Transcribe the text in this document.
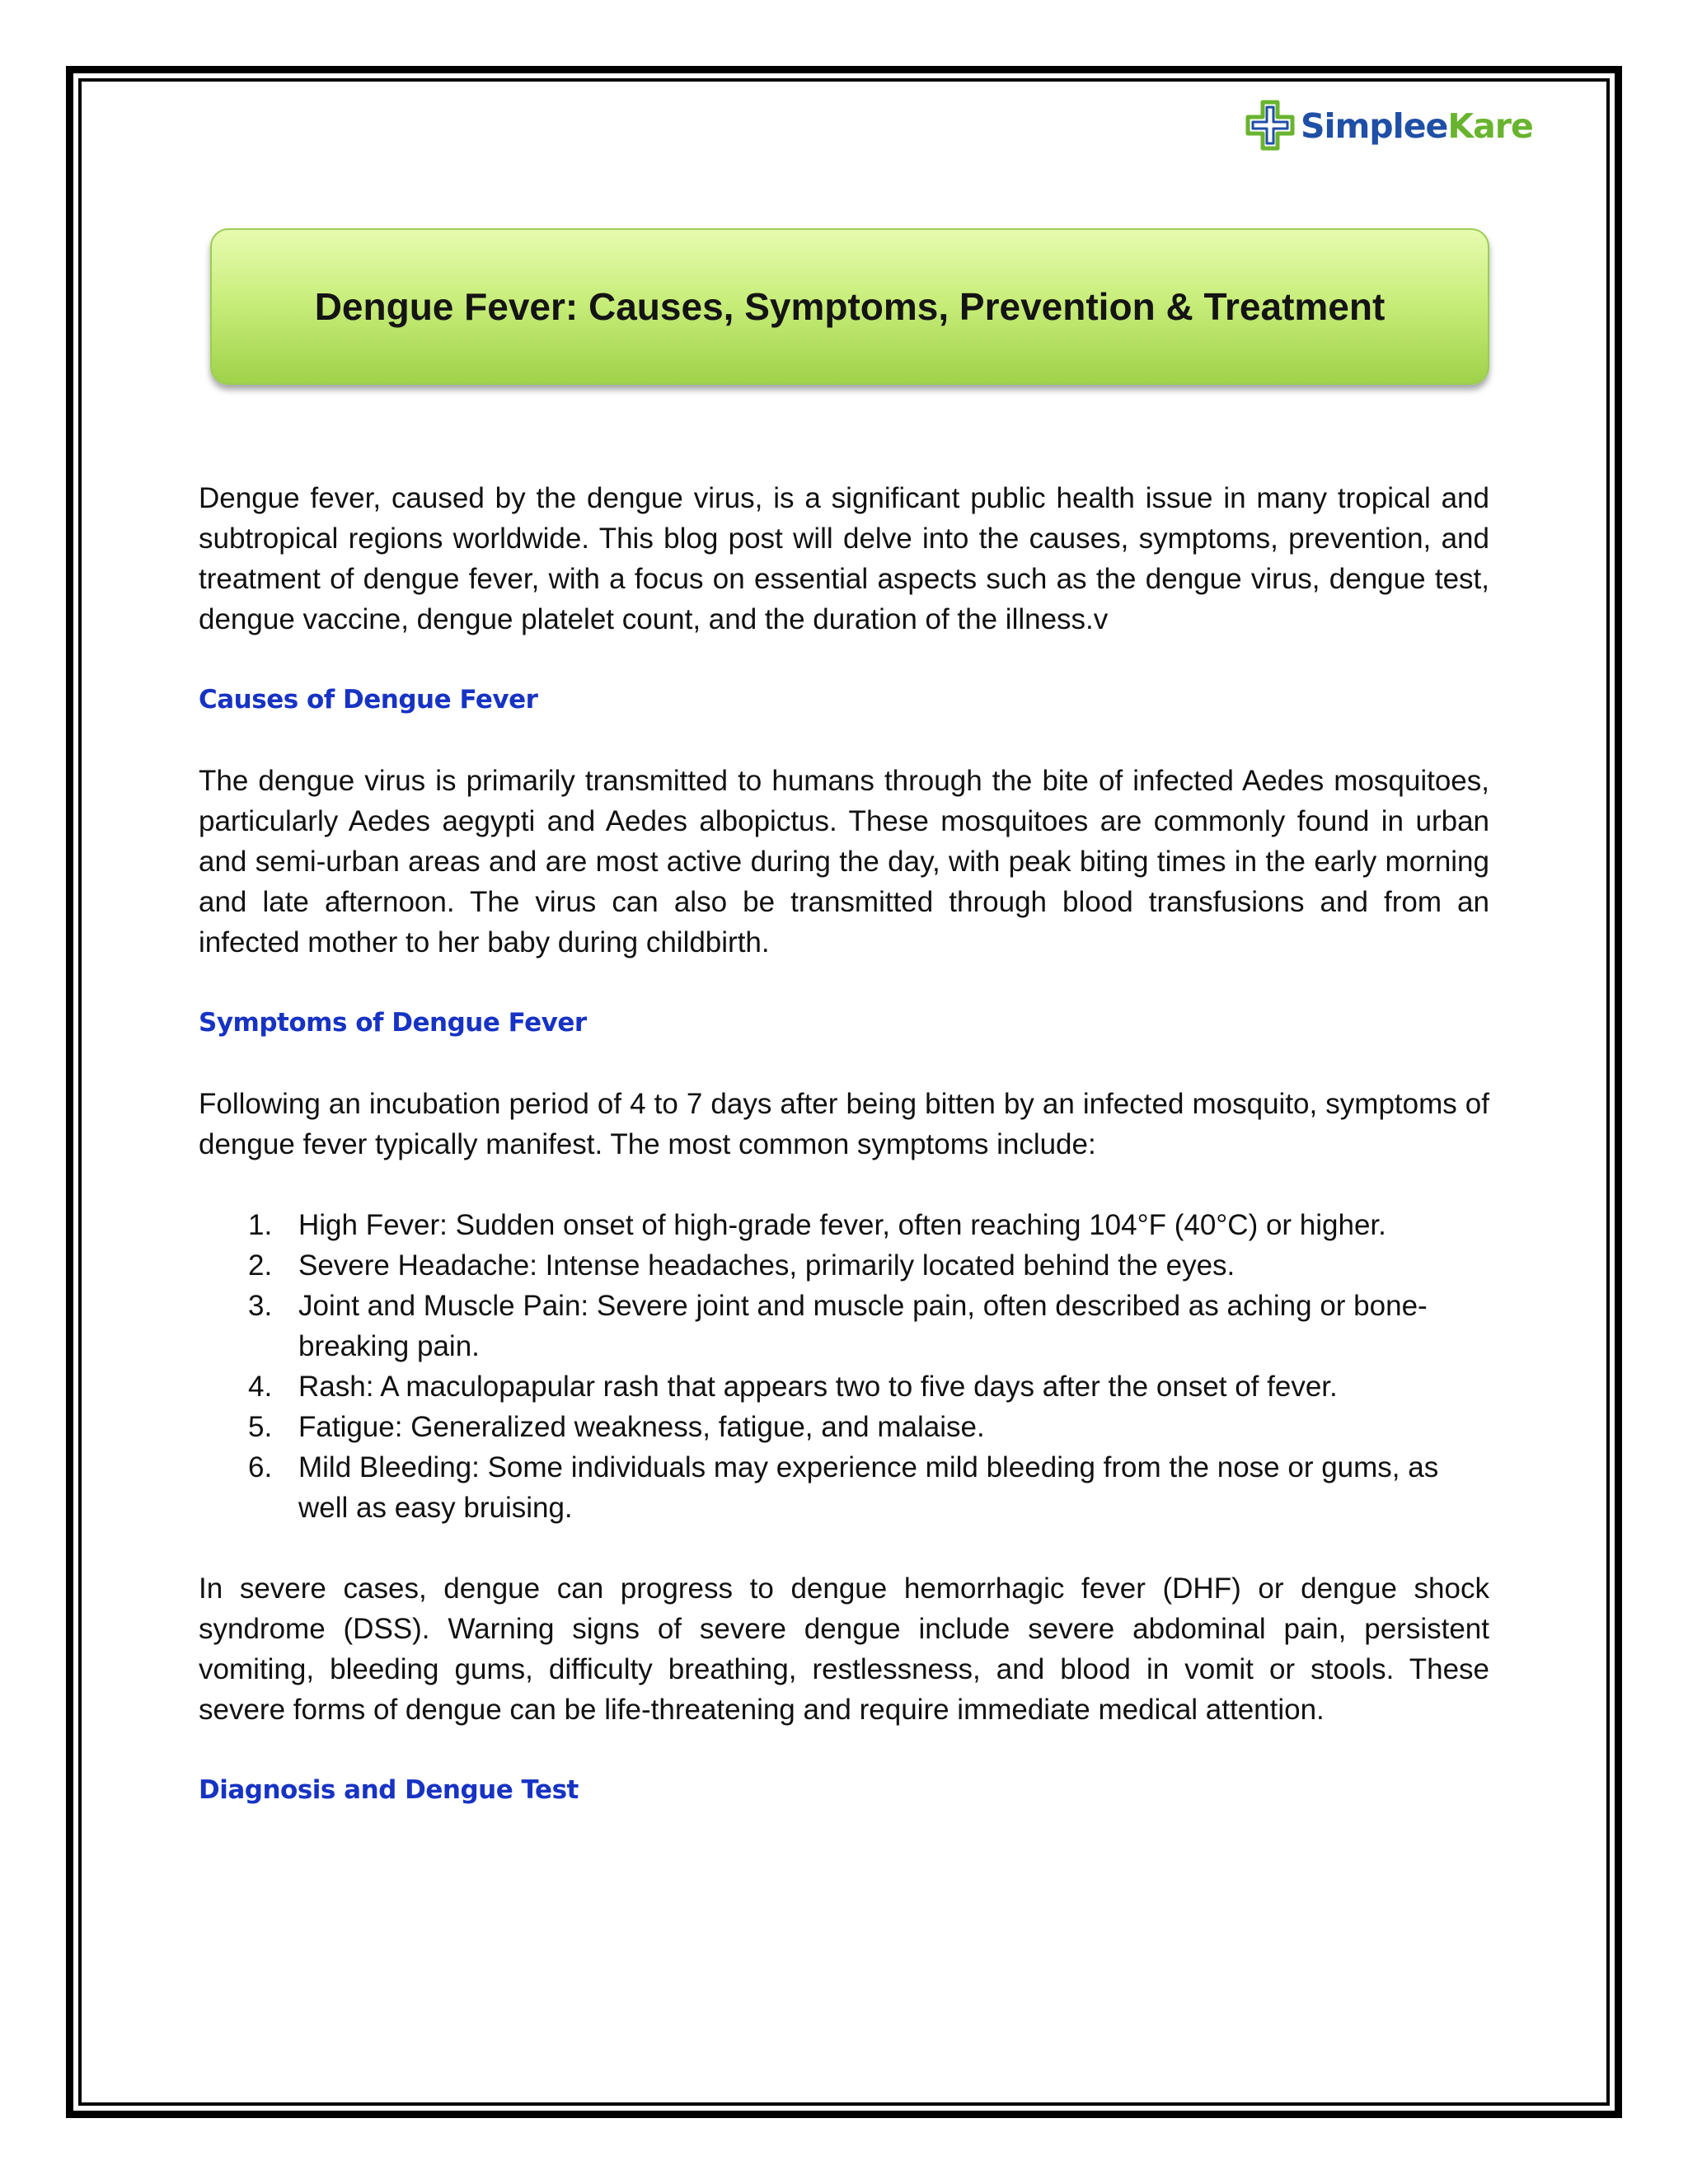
SimpleeKare
Dengue Fever: Causes, Symptoms, Prevention & Treatment

Dengue fever, caused by the dengue virus, is a significant public health issue in many tropical and subtropical regions worldwide. This blog post will delve into the causes, symptoms, prevention, and treatment of dengue fever, with a focus on essential aspects such as the dengue virus, dengue test, dengue vaccine, dengue platelet count, and the duration of the illness.v

Causes of Dengue Fever

The dengue virus is primarily transmitted to humans through the bite of infected Aedes mosquitoes, particularly Aedes aegypti and Aedes albopictus. These mosquitoes are commonly found in urban and semi-urban areas and are most active during the day, with peak biting times in the early morning and late afternoon. The virus can also be transmitted through blood transfusions and from an infected mother to her baby during childbirth.

Symptoms of Dengue Fever

Following an incubation period of 4 to 7 days after being bitten by an infected mosquito, symptoms of dengue fever typically manifest. The most common symptoms include:

1. High Fever: Sudden onset of high-grade fever, often reaching 104°F (40°C) or higher.
2. Severe Headache: Intense headaches, primarily located behind the eyes.
3. Joint and Muscle Pain: Severe joint and muscle pain, often described as aching or bone-breaking pain.
4. Rash: A maculopapular rash that appears two to five days after the onset of fever.
5. Fatigue: Generalized weakness, fatigue, and malaise.
6. Mild Bleeding: Some individuals may experience mild bleeding from the nose or gums, as well as easy bruising.

In severe cases, dengue can progress to dengue hemorrhagic fever (DHF) or dengue shock syndrome (DSS). Warning signs of severe dengue include severe abdominal pain, persistent vomiting, bleeding gums, difficulty breathing, restlessness, and blood in vomit or stools. These severe forms of dengue can be life-threatening and require immediate medical attention.

Diagnosis and Dengue Test
